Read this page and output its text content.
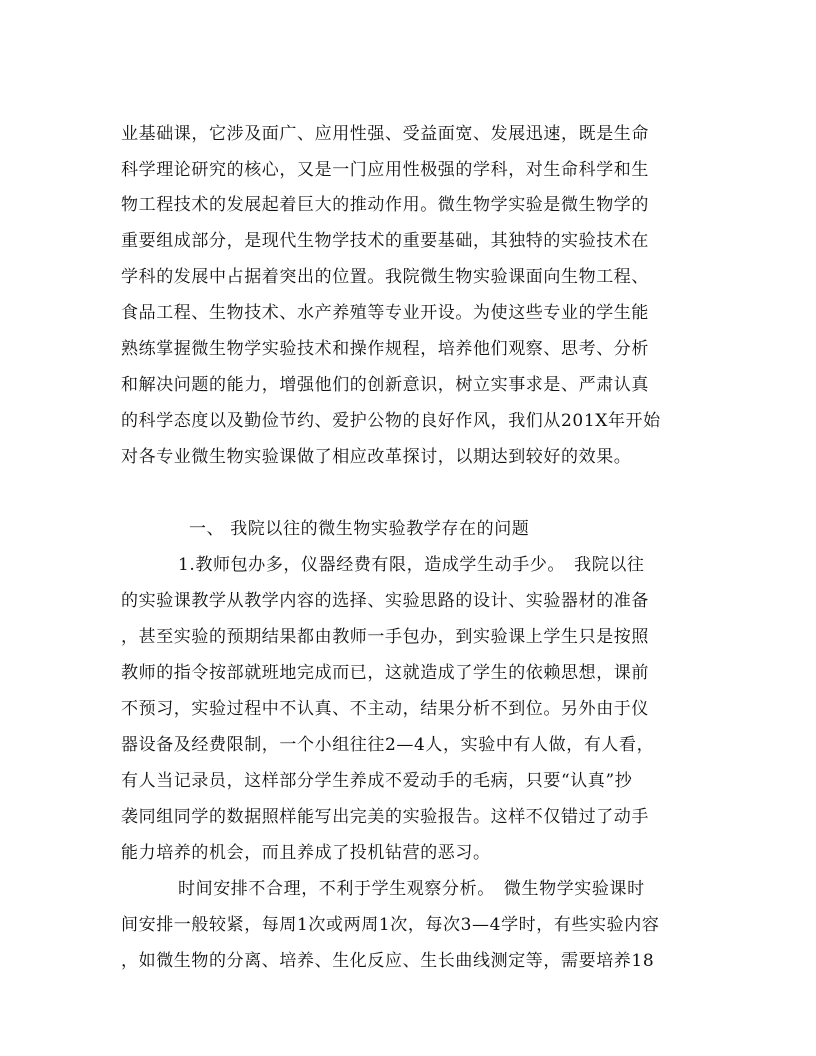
业基础课，它涉及面广、应用性强、受益面宽、发展迅速，既是生命
科学理论研究的核心，又是一门应用性极强的学科，对生命科学和生
物工程技术的发展起着巨大的推动作用。微生物学实验是微生物学的
重要组成部分，是现代生物学技术的重要基础，其独特的实验技术在
学科的发展中占据着突出的位置。我院微生物实验课面向生物工程、
食品工程、生物技术、水产养殖等专业开设。为使这些专业的学生能
熟练掌握微生物学实验技术和操作规程，培养他们观察、思考、分析
和解决问题的能力，增强他们的创新意识，树立实事求是、严肃认真
的科学态度以及勤俭节约、爱护公物的良好作风，我们从201X年开始
对各专业微生物实验课做了相应改革探讨，以期达到较好的效果。
一、 我院以往的微生物实验教学存在的问题
1.教师包办多，仪器经费有限，造成学生动手少。　我院以往
的实验课教学从教学内容的选择、实验思路的设计、实验器材的准备
，甚至实验的预期结果都由教师一手包办，到实验课上学生只是按照
教师的指令按部就班地完成而已，这就造成了学生的依赖思想，课前
不预习，实验过程中不认真、不主动，结果分析不到位。另外由于仪
器设备及经费限制，一个小组往往2—4人，实验中有人做，有人看，
有人当记录员，这样部分学生养成不爱动手的毛病，只要“认真”抄
袭同组同学的数据照样能写出完美的实验报告。这样不仅错过了动手
能力培养的机会，而且养成了投机钻营的恶习。
时间安排不合理，不利于学生观察分析。　微生物学实验课时
间安排一般较紧，每周1次或两周1次，每次3—4学时，有些实验内容
，如微生物的分离、培养、生化反应、生长曲线测定等，需要培养18
